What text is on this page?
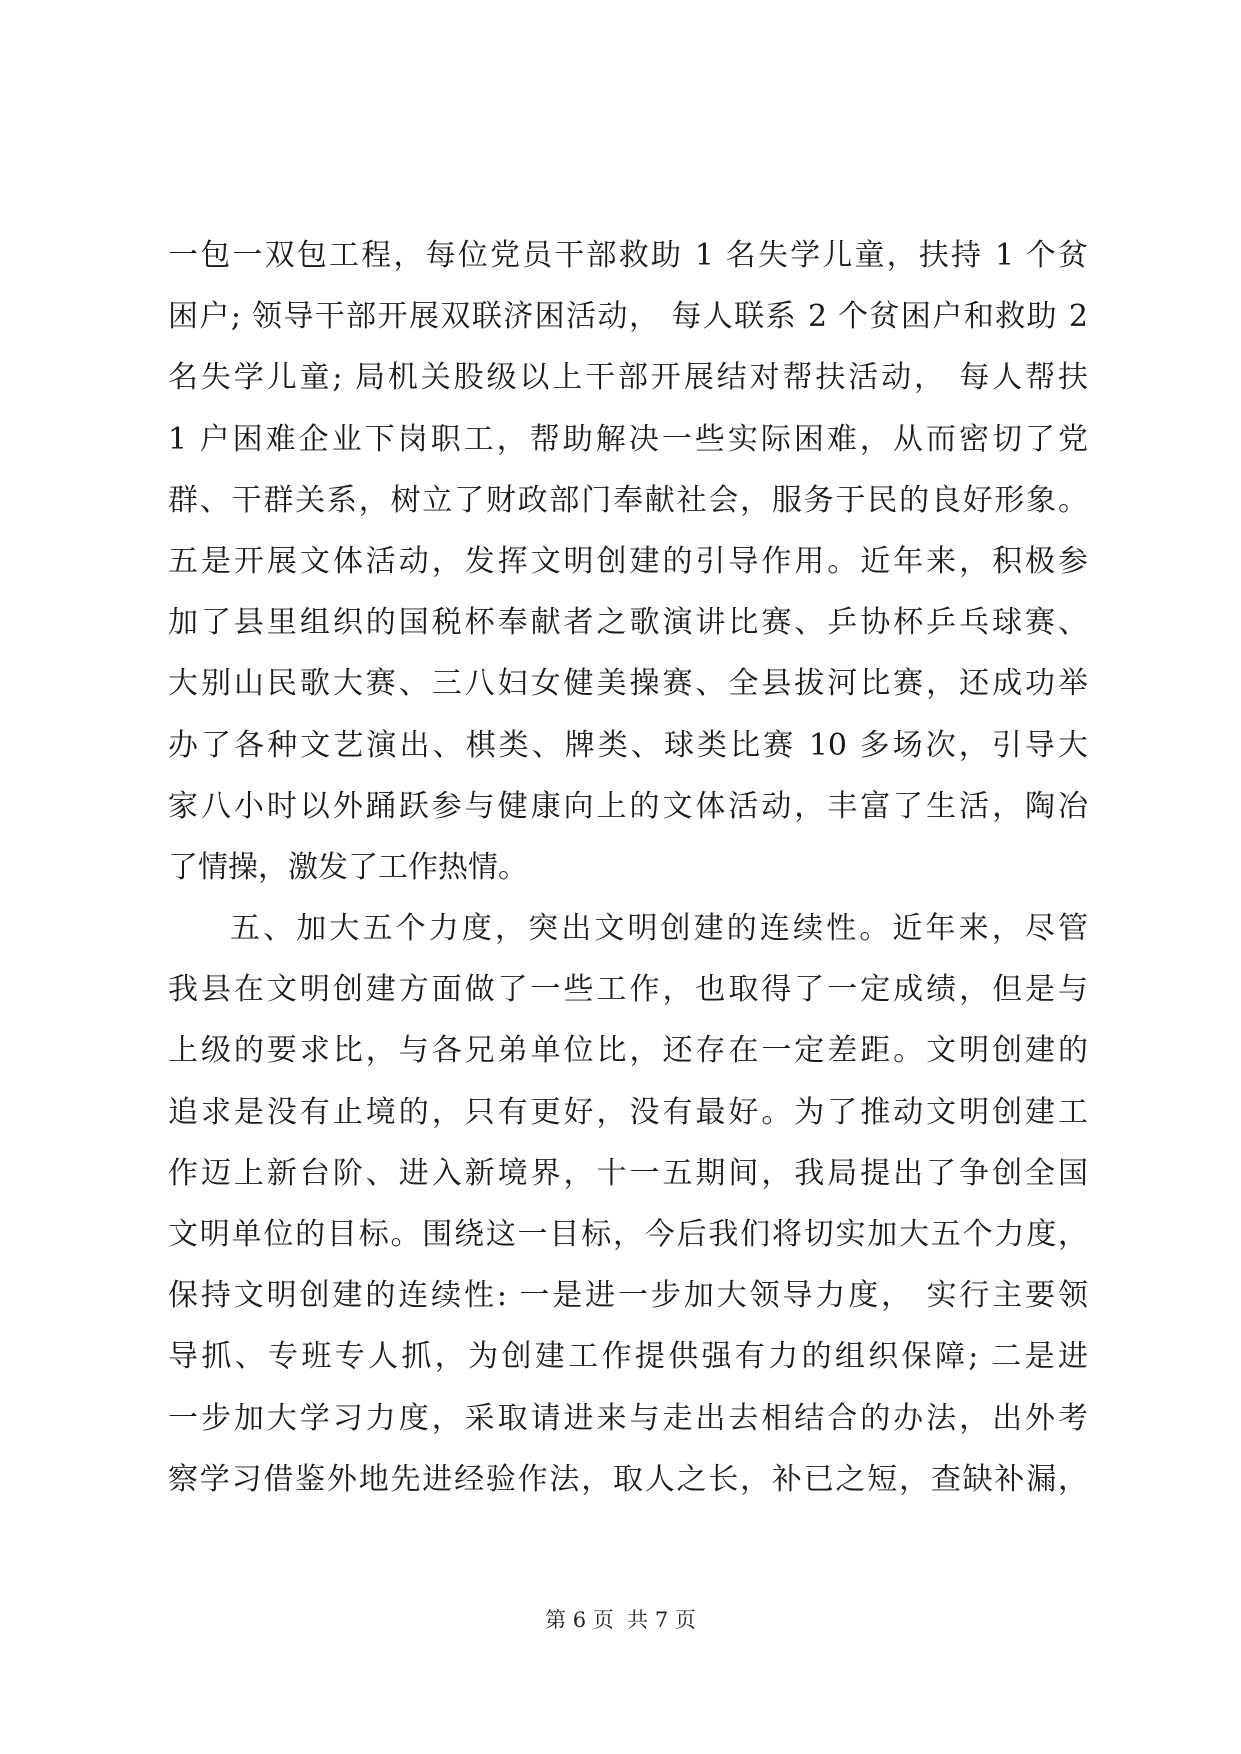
一包一双包工程，每位党员干部救助 1 名失学儿童，扶持 1 个贫
困户; 领导干部开展双联济困活动， 每人联系 2 个贫困户和救助 2
名失学儿童; 局机关股级以上干部开展结对帮扶活动， 每人帮扶
1 户困难企业下岗职工，帮助解决一些实际困难，从而密切了党
群、干群关系，树立了财政部门奉献社会，服务于民的良好形象。
五是开展文体活动，发挥文明创建的引导作用。近年来，积极参
加了县里组织的国税杯奉献者之歌演讲比赛、乒协杯乒乓球赛、
大别山民歌大赛、三八妇女健美操赛、全县拔河比赛，还成功举
办了各种文艺演出、棋类、牌类、球类比赛 10 多场次，引导大
家八小时以外踊跃参与健康向上的文体活动，丰富了生活，陶冶
了情操，激发了工作热情。
五、加大五个力度，突出文明创建的连续性。近年来，尽管
我县在文明创建方面做了一些工作，也取得了一定成绩，但是与
上级的要求比，与各兄弟单位比，还存在一定差距。文明创建的
追求是没有止境的，只有更好，没有最好。为了推动文明创建工
作迈上新台阶、进入新境界，十一五期间，我局提出了争创全国
文明单位的目标。围绕这一目标，今后我们将切实加大五个力度，
保持文明创建的连续性: 一是进一步加大领导力度， 实行主要领
导抓、专班专人抓，为创建工作提供强有力的组织保障; 二是进
一步加大学习力度，采取请进来与走出去相结合的办法，出外考
察学习借鉴外地先进经验作法，取人之长，补已之短，查缺补漏，
第 6 页  共 7 页
